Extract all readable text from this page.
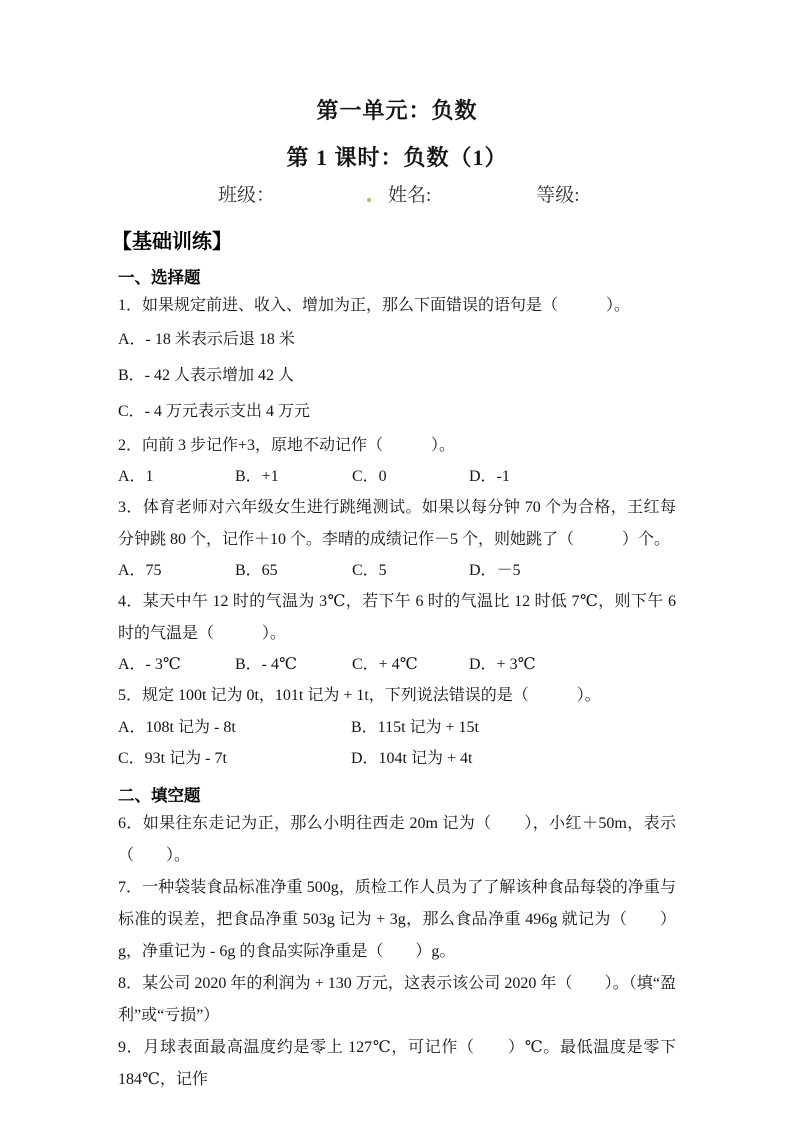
第一单元：负数
第 1 课时：负数（1）
班级：	姓名:	等级:
【基础训练】
一、选择题

1．如果规定前进、收入、增加为正，那么下面错误的语句是（　　　）。

A．- 18 米表示后退 18 米
B．- 42 人表示增加 42 人
C．- 4 万元表示支出 4 万元

2．向前 3 步记作+3，原地不动记作（　　　）。

A．1	B．+1	C．0	D．-1

3．体育老师对六年级女生进行跳绳测试。如果以每分钟 70 个为合格，王红每分钟跳 80 个，记作＋10 个。李晴的成绩记作－5 个，则她跳了（　　　）个。

A．75	B．65	C．5	D．－5

4．某天中午 12 时的气温为 3℃，若下午 6 时的气温比 12 时低 7℃，则下午 6 时的气温是（　　　）。

A．- 3℃	B．- 4℃	C．+ 4℃	D．+ 3℃

5．规定 100t 记为 0t，101t 记为 + 1t，下列说法错误的是（　　　）。

A．108t 记为 - 8t	B．115t 记为 + 15t
C．93t 记为 - 7t	D．104t 记为 + 4t
二、填空题

6．如果往东走记为正，那么小明往西走 20m 记为（　　），小红＋50m，表示（　　）。

7．一种袋装食品标准净重 500g，质检工作人员为了了解该种食品每袋的净重与标准的误差，把食品净重 503g 记为 + 3g，那么食品净重 496g 就记为（　　）g，净重记为 - 6g 的食品实际净重是（　　）g。

8．某公司 2020 年的利润为 + 130 万元，这表示该公司 2020 年（　　）。（填“盈利”或“亏损”）

9．月球表面最高温度约是零上 127℃，可记作（　　）℃。最低温度是零下 184℃，记作
